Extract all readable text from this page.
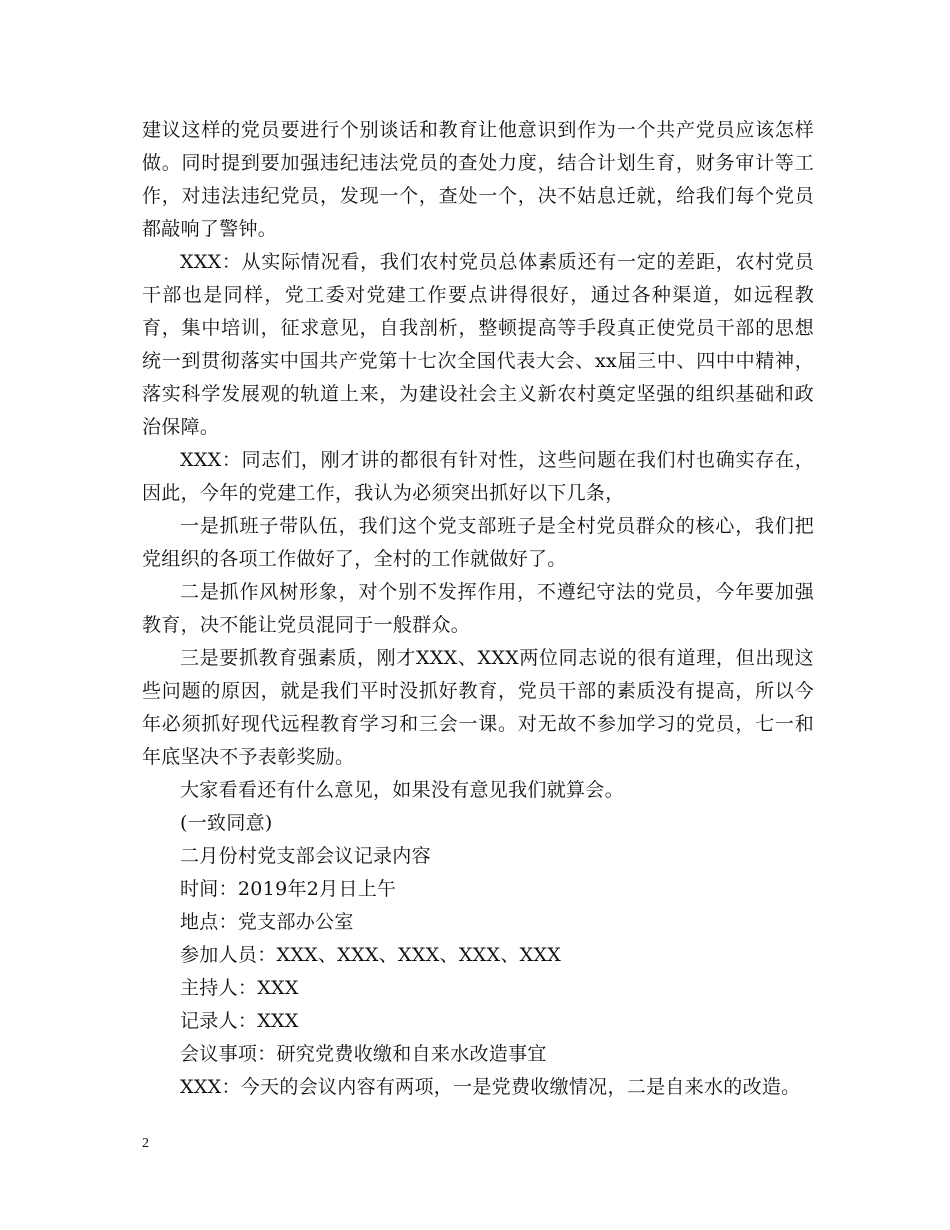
建议这样的党员要进行个别谈话和教育让他意识到作为一个共产党员应该怎样做。同时提到要加强违纪违法党员的查处力度，结合计划生育，财务审计等工作，对违法违纪党员，发现一个，查处一个，决不姑息迁就，给我们每个党员都敲响了警钟。

XXX：从实际情况看，我们农村党员总体素质还有一定的差距，农村党员干部也是同样，党工委对党建工作要点讲得很好，通过各种渠道，如远程教育，集中培训，征求意见，自我剖析，整顿提高等手段真正使党员干部的思想统一到贯彻落实中国共产党第十七次全国代表大会、xx届三中、四中中精神，落实科学发展观的轨道上来，为建设社会主义新农村奠定坚强的组织基础和政治保障。

XXX：同志们，刚才讲的都很有针对性，这些问题在我们村也确实存在，因此，今年的党建工作，我认为必须突出抓好以下几条，

一是抓班子带队伍，我们这个党支部班子是全村党员群众的核心，我们把党组织的各项工作做好了，全村的工作就做好了。

二是抓作风树形象，对个别不发挥作用，不遵纪守法的党员，今年要加强教育，决不能让党员混同于一般群众。

三是要抓教育强素质，刚才XXX、XXX两位同志说的很有道理，但出现这些问题的原因，就是我们平时没抓好教育，党员干部的素质没有提高，所以今年必须抓好现代远程教育学习和三会一课。对无故不参加学习的党员，七一和年底坚决不予表彰奖励。

大家看看还有什么意见，如果没有意见我们就算会。

(一致同意)

二月份村党支部会议记录内容

时间：2019年2月日上午

地点：党支部办公室

参加人员：XXX、XXX、XXX、XXX、XXX

主持人：XXX

记录人：XXX

会议事项：研究党费收缴和自来水改造事宜

XXX：今天的会议内容有两项，一是党费收缴情况，二是自来水的改造。

2
